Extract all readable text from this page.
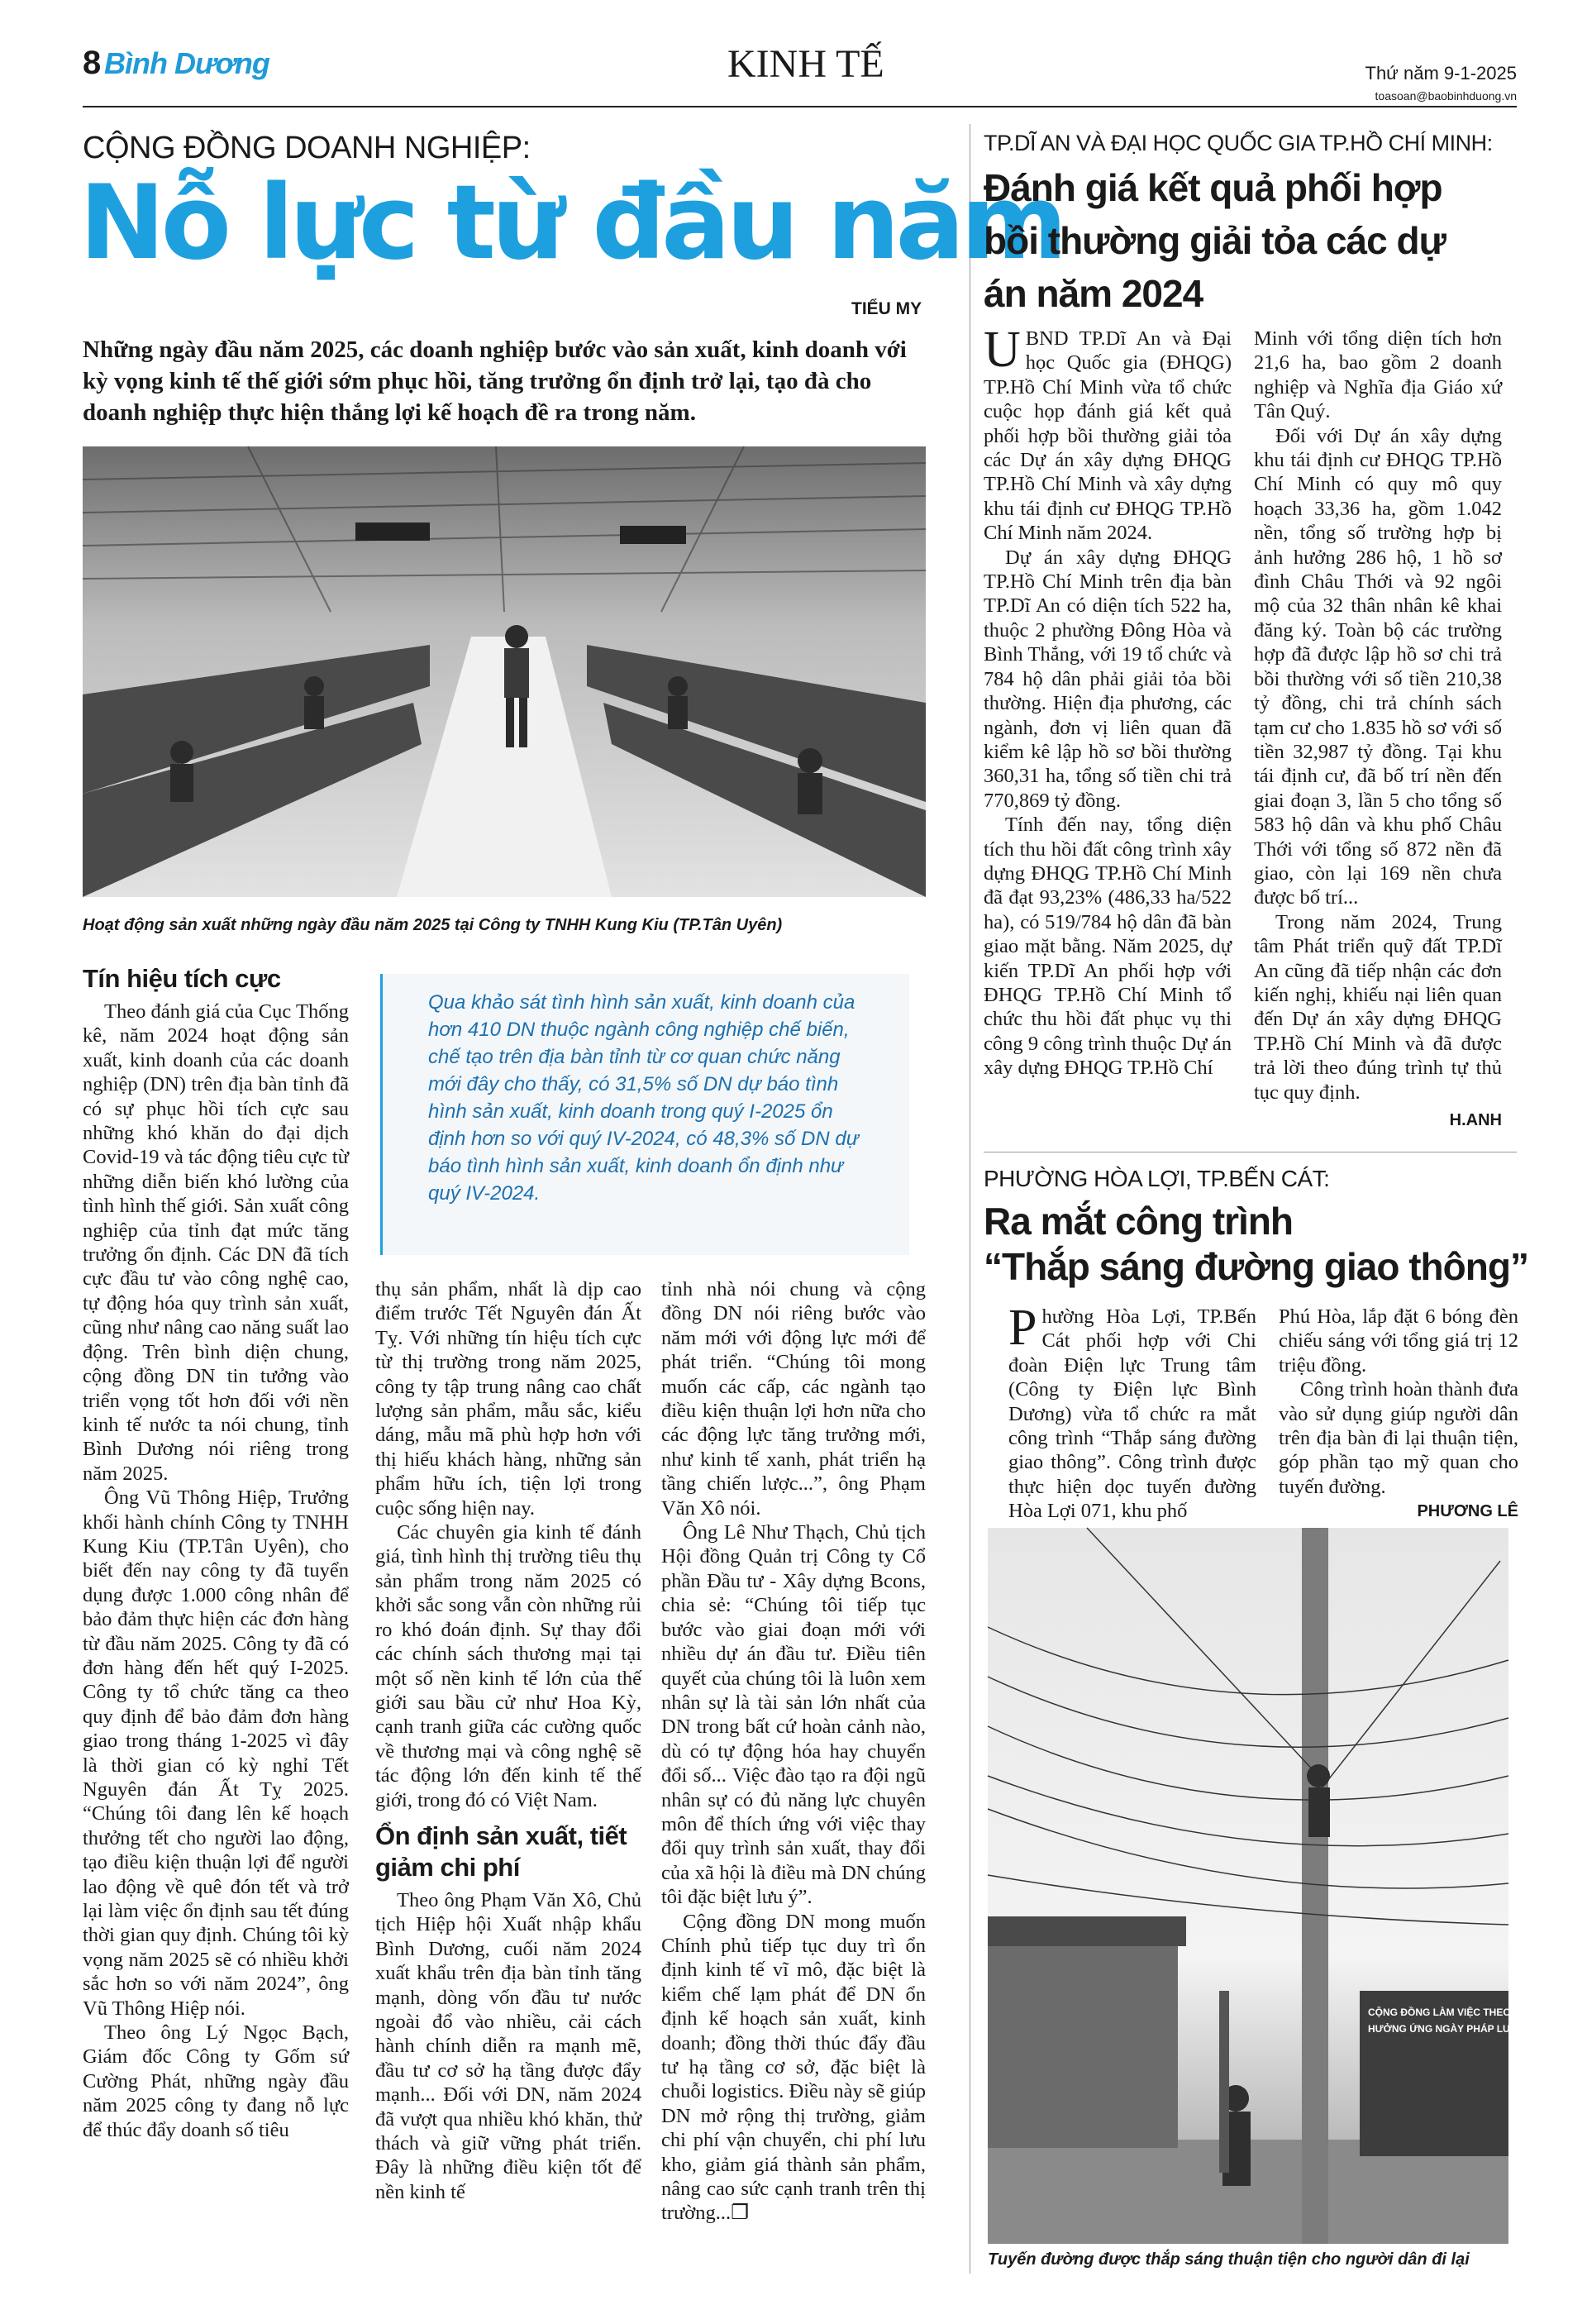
8 Bình Dương	KINH TẾ	Thứ năm 9-1-2025
toasoan@baobinhduong.vn
CỘNG ĐỒNG DOANH NGHIỆP:
Nỗ lực từ đầu năm
TIỂU MY
Những ngày đầu năm 2025, các doanh nghiệp bước vào sản xuất, kinh doanh với kỳ vọng kinh tế thế giới sớm phục hồi, tăng trưởng ổn định trở lại, tạo đà cho doanh nghiệp thực hiện thắng lợi kế hoạch đề ra trong năm.
Hoạt động sản xuất những ngày đầu năm 2025 tại Công ty TNHH Kung Kiu (TP.Tân Uyên)
Tín hiệu tích cực

Theo đánh giá của Cục Thống kê, năm 2024 hoạt động sản xuất, kinh doanh của các doanh nghiệp (DN) trên địa bàn tỉnh đã có sự phục hồi tích cực sau những khó khăn do đại dịch Covid-19 và tác động tiêu cực từ những diễn biến khó lường của tình hình thế giới. Sản xuất công nghiệp của tỉnh đạt mức tăng trưởng ổn định. Các DN đã tích cực đầu tư vào công nghệ cao, tự động hóa quy trình sản xuất, cũng như nâng cao năng suất lao động. Trên bình diện chung, cộng đồng DN tin tưởng vào triển vọng tốt hơn đối với nền kinh tế nước ta nói chung, tỉnh Bình Dương nói riêng trong năm 2025.

Ông Vũ Thông Hiệp, Trưởng khối hành chính Công ty TNHH Kung Kiu (TP.Tân Uyên), cho biết đến nay công ty đã tuyển dụng được 1.000 công nhân để bảo đảm thực hiện các đơn hàng từ đầu năm 2025. Công ty đã có đơn hàng đến hết quý I-2025. Công ty tổ chức tăng ca theo quy định để bảo đảm đơn hàng giao trong tháng 1-2025 vì đây là thời gian có kỳ nghỉ Tết Nguyên đán Ất Tỵ 2025. “Chúng tôi đang lên kế hoạch thưởng tết cho người lao động, tạo điều kiện thuận lợi để người lao động về quê đón tết và trở lại làm việc ổn định sau tết đúng thời gian quy định. Chúng tôi kỳ vọng năm 2025 sẽ có nhiều khởi sắc hơn so với năm 2024”, ông Vũ Thông Hiệp nói.

Theo ông Lý Ngọc Bạch, Giám đốc Công ty Gốm sứ Cường Phát, những ngày đầu năm 2025 công ty đang nỗ lực để thúc đẩy doanh số tiêu

Qua khảo sát tình hình sản xuất, kinh doanh của hơn 410 DN thuộc ngành công nghiệp chế biến, chế tạo trên địa bàn tỉnh từ cơ quan chức năng mới đây cho thấy, có 31,5% số DN dự báo tình hình sản xuất, kinh doanh trong quý I-2025 ổn định hơn so với quý IV-2024, có 48,3% số DN dự báo tình hình sản xuất, kinh doanh ổn định như quý IV-2024.

thụ sản phẩm, nhất là dịp cao điểm trước Tết Nguyên đán Ất Tỵ. Với những tín hiệu tích cực từ thị trường trong năm 2025, công ty tập trung nâng cao chất lượng sản phẩm, mẫu sắc, kiểu dáng, mẫu mã phù hợp hơn với thị hiếu khách hàng, những sản phẩm hữu ích, tiện lợi trong cuộc sống hiện nay.

Các chuyên gia kinh tế đánh giá, tình hình thị trường tiêu thụ sản phẩm trong năm 2025 có khởi sắc song vẫn còn những rủi ro khó đoán định. Sự thay đổi các chính sách thương mại tại một số nền kinh tế lớn của thế giới sau bầu cử như Hoa Kỳ, cạnh tranh giữa các cường quốc về thương mại và công nghệ sẽ tác động lớn đến kinh tế thế giới, trong đó có Việt Nam.

Ổn định sản xuất, tiết giảm chi phí

Theo ông Phạm Văn Xô, Chủ tịch Hiệp hội Xuất nhập khẩu Bình Dương, cuối năm 2024 xuất khẩu trên địa bàn tỉnh tăng mạnh, dòng vốn đầu tư nước ngoài đổ vào nhiều, cải cách hành chính diễn ra mạnh mẽ, đầu tư cơ sở hạ tầng được đẩy mạnh... Đối với DN, năm 2024 đã vượt qua nhiều khó khăn, thử thách và giữ vững phát triển. Đây là những điều kiện tốt để nền kinh tế

tỉnh nhà nói chung và cộng đồng DN nói riêng bước vào năm mới với động lực mới để phát triển. “Chúng tôi mong muốn các cấp, các ngành tạo điều kiện thuận lợi hơn nữa cho các động lực tăng trưởng mới, như kinh tế xanh, phát triển hạ tầng chiến lược...”, ông Phạm Văn Xô nói.

Ông Lê Như Thạch, Chủ tịch Hội đồng Quản trị Công ty Cổ phần Đầu tư - Xây dựng Bcons, chia sẻ: “Chúng tôi tiếp tục bước vào giai đoạn mới với nhiều dự án đầu tư. Điều tiên quyết của chúng tôi là luôn xem nhân sự là tài sản lớn nhất của DN trong bất cứ hoàn cảnh nào, dù có tự động hóa hay chuyển đổi số... Việc đào tạo ra đội ngũ nhân sự có đủ năng lực chuyên môn để thích ứng với việc thay đổi quy trình sản xuất, thay đổi của xã hội là điều mà DN chúng tôi đặc biệt lưu ý”.

Cộng đồng DN mong muốn Chính phủ tiếp tục duy trì ổn định kinh tế vĩ mô, đặc biệt là kiểm chế lạm phát để DN ổn định kế hoạch sản xuất, kinh doanh; đồng thời thúc đẩy đầu tư hạ tầng cơ sở, đặc biệt là chuỗi logistics. Điều này sẽ giúp DN mở rộng thị trường, giảm chi phí vận chuyển, chi phí lưu kho, giảm giá thành sản phẩm, nâng cao sức cạnh tranh trên thị trường...❐

TP.DĨ AN VÀ ĐẠI HỌC QUỐC GIA TP.HỒ CHÍ MINH:
Đánh giá kết quả phối hợp bồi thường giải tỏa các dự án năm 2024

UBND TP.Dĩ An và Đại học Quốc gia (ĐHQG) TP.Hồ Chí Minh vừa tổ chức cuộc họp đánh giá kết quả phối hợp bồi thường giải tỏa các Dự án xây dựng ĐHQG TP.Hồ Chí Minh và xây dựng khu tái định cư ĐHQG TP.Hồ Chí Minh năm 2024.

Dự án xây dựng ĐHQG TP.Hồ Chí Minh trên địa bàn TP.Dĩ An có diện tích 522 ha, thuộc 2 phường Đông Hòa và Bình Thắng, với 19 tổ chức và 784 hộ dân phải giải tỏa bồi thường. Hiện địa phương, các ngành, đơn vị liên quan đã kiểm kê lập hồ sơ bồi thường 360,31 ha, tổng số tiền chi trả 770,869 tỷ đồng.

Tính đến nay, tổng diện tích thu hồi đất công trình xây dựng ĐHQG TP.Hồ Chí Minh đã đạt 93,23% (486,33 ha/522 ha), có 519/784 hộ dân đã bàn giao mặt bằng. Năm 2025, dự kiến TP.Dĩ An phối hợp với ĐHQG TP.Hồ Chí Minh tổ chức thu hồi đất phục vụ thi công 9 công trình thuộc Dự án xây dựng ĐHQG TP.Hồ Chí

Minh với tổng diện tích hơn 21,6 ha, bao gồm 2 doanh nghiệp và Nghĩa địa Giáo xứ Tân Quý.

Đối với Dự án xây dựng khu tái định cư ĐHQG TP.Hồ Chí Minh có quy mô quy hoạch 33,36 ha, gồm 1.042 nền, tổng số trường hợp bị ảnh hưởng 286 hộ, 1 hồ sơ đình Châu Thới và 92 ngôi mộ của 32 thân nhân kê khai đăng ký. Toàn bộ các trường hợp đã được lập hồ sơ chi trả bồi thường với số tiền 210,38 tỷ đồng, chi trả chính sách tạm cư cho 1.835 hồ sơ với số tiền 32,987 tỷ đồng. Tại khu tái định cư, đã bố trí nền đến giai đoạn 3, lần 5 cho tổng số 583 hộ dân và khu phố Châu Thới với tổng số 872 nền đã giao, còn lại 169 nền chưa được bố trí...

Trong năm 2024, Trung tâm Phát triển quỹ đất TP.Dĩ An cũng đã tiếp nhận các đơn kiến nghị, khiếu nại liên quan đến Dự án xây dựng ĐHQG TP.Hồ Chí Minh và đã được trả lời theo đúng trình tự thủ tục quy định.

H.ANH
PHƯỜNG HÒA LỢI, TP.BẾN CÁT:
Ra mắt công trình
“Thắp sáng đường giao thông”

Phường Hòa Lợi, TP.Bến Cát phối hợp với Chi đoàn Điện lực Trung tâm (Công ty Điện lực Bình Dương) vừa tổ chức ra mắt công trình “Thắp sáng đường giao thông”. Công trình được thực hiện dọc tuyến đường Hòa Lợi 071, khu phố

Phú Hòa, lắp đặt 6 bóng đèn chiếu sáng với tổng giá trị 12 triệu đồng.

Công trình hoàn thành đưa vào sử dụng giúp người dân trên địa bàn đi lại thuận tiện, góp phần tạo mỹ quan cho tuyến đường.

PHƯƠNG LÊ
CỘNG ĐỒNG LÀM VIỆC THEO HIẾN PHÁP
HƯỞNG ỨNG NGÀY PHÁP LUẬT
Tuyến đường được thắp sáng thuận tiện cho người dân đi lại
